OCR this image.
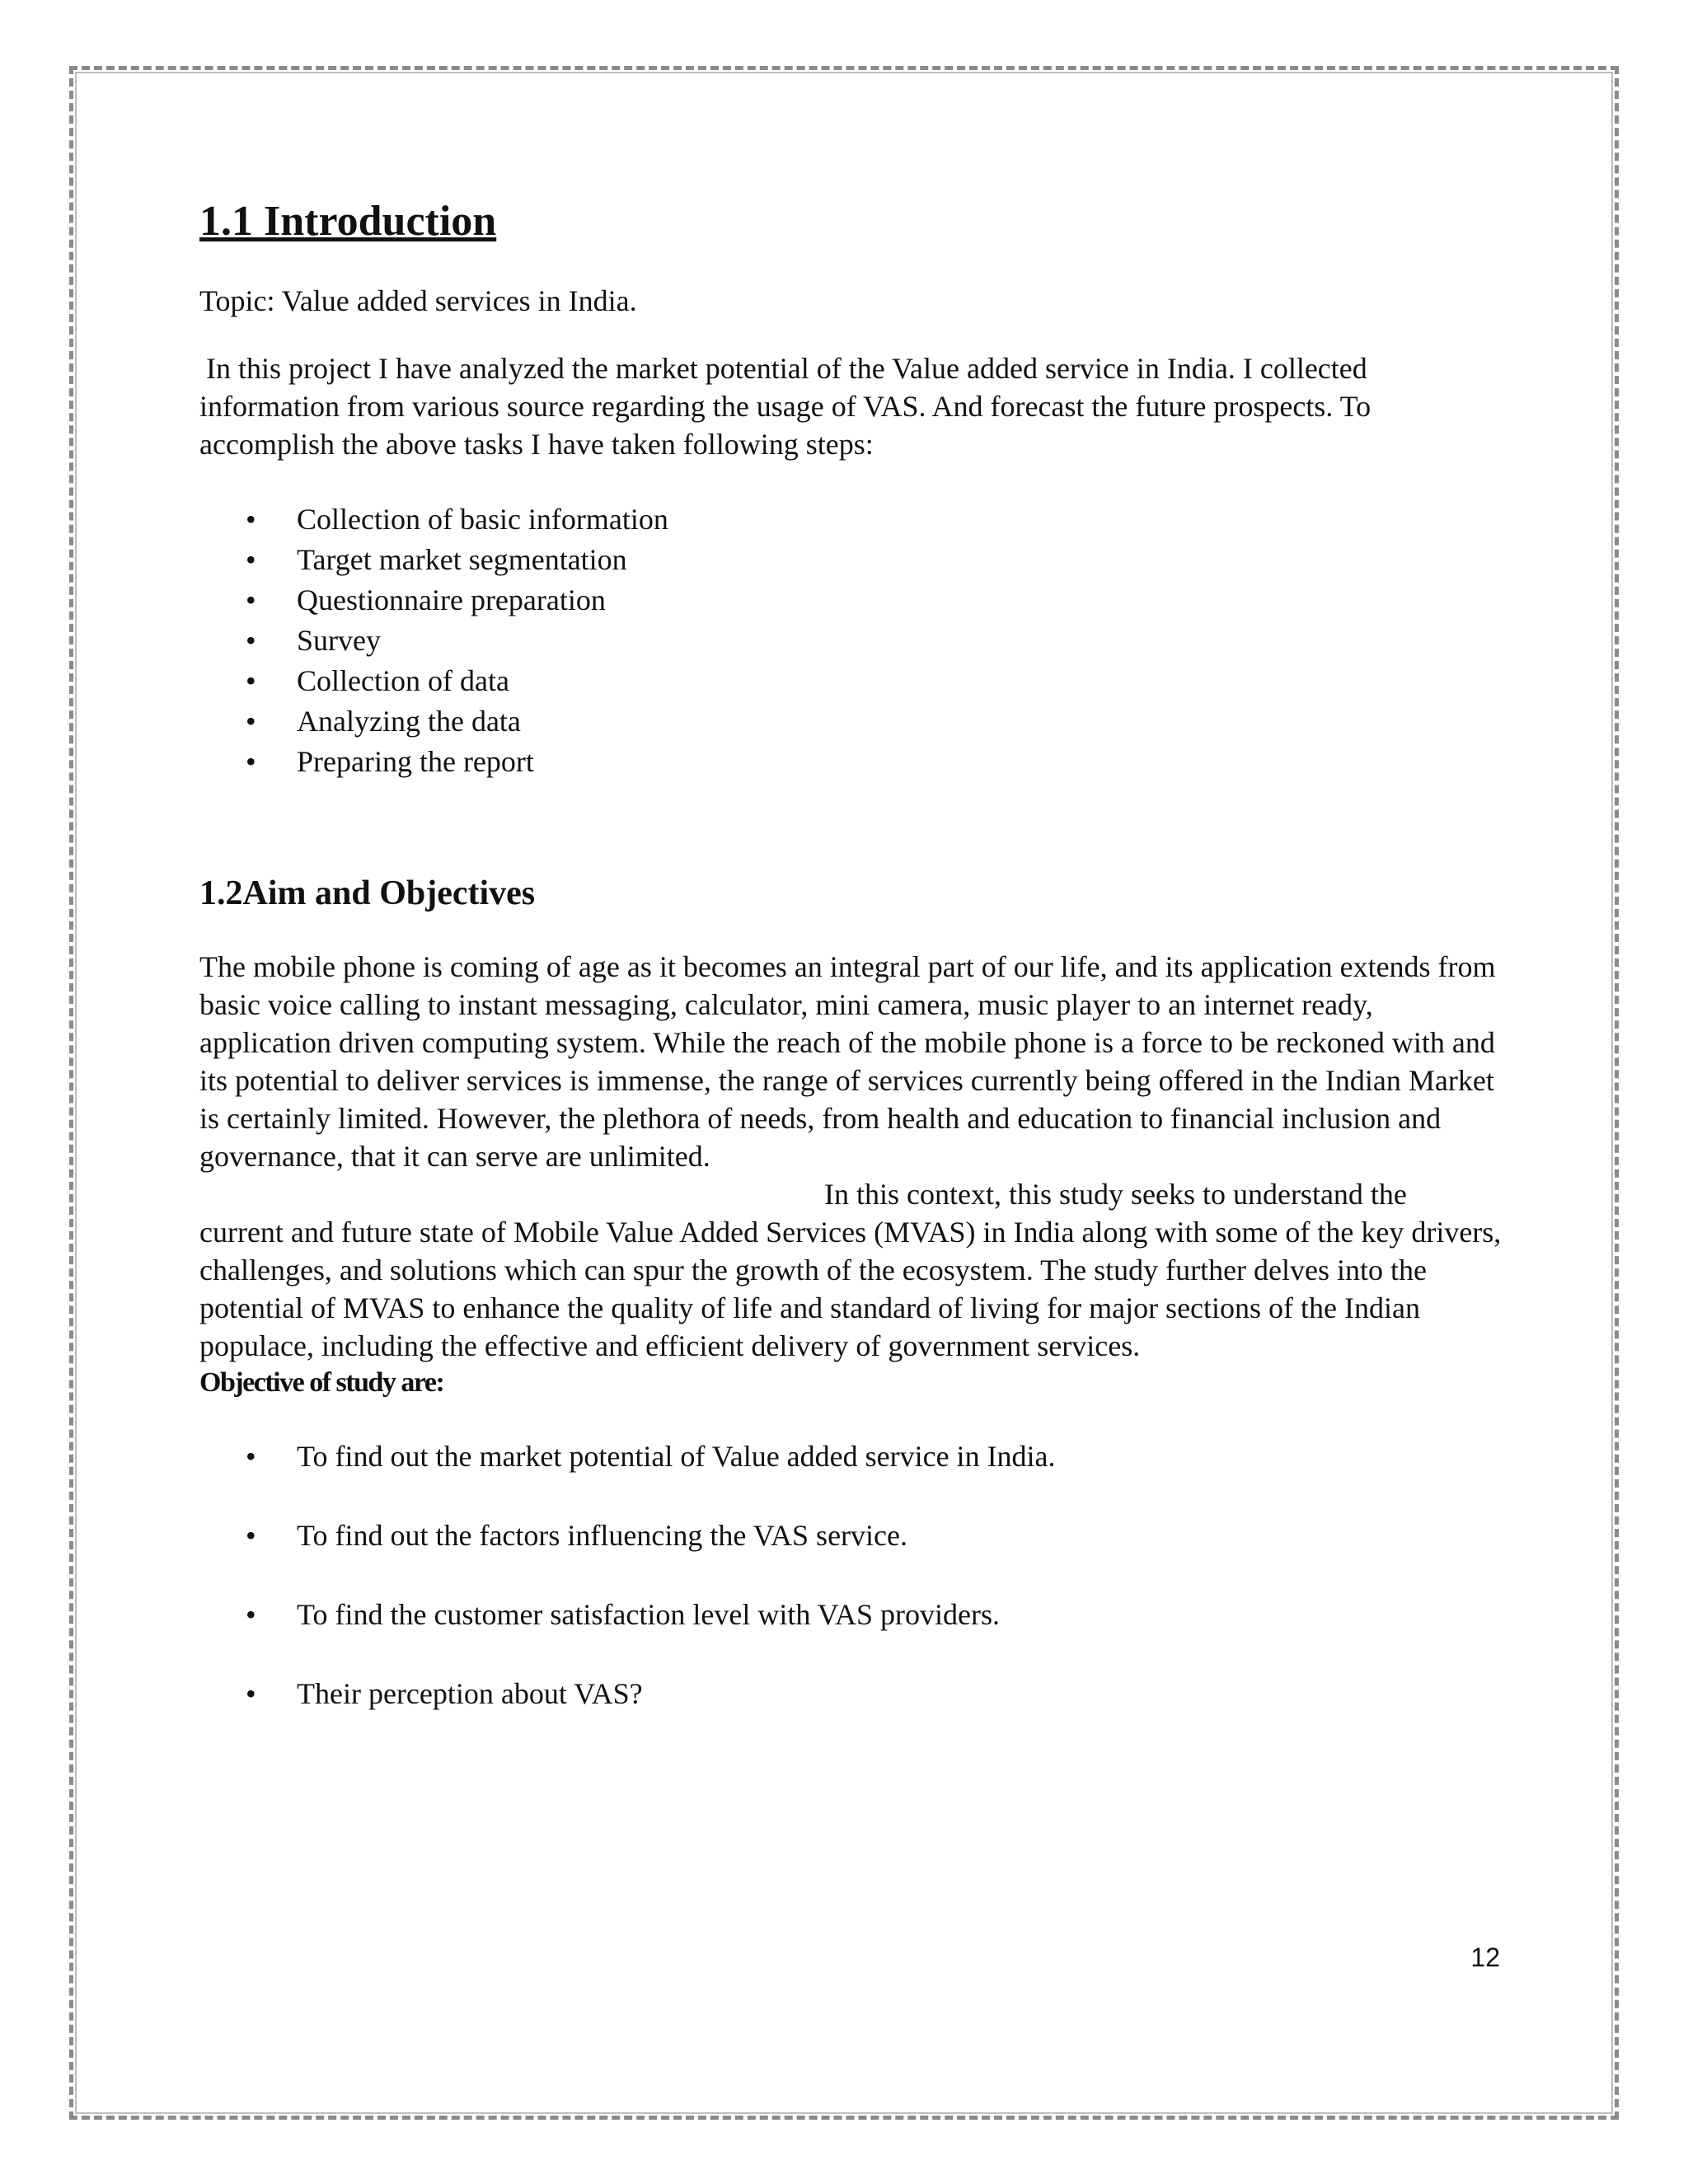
1.1 Introduction

Topic: Value added services in India.

In this project I have analyzed the market potential of the Value added service in India. I collected information from various source regarding the usage of VAS. And forecast the future prospects. To accomplish the above tasks I have taken following steps:

• Collection of basic information
• Target market segmentation
• Questionnaire preparation
• Survey
• Collection of data
• Analyzing the data
• Preparing the report
1.2Aim and Objectives

The mobile phone is coming of age as it becomes an integral part of our life, and its application extends from basic voice calling to instant messaging, calculator, mini camera, music player to an internet ready, application driven computing system. While the reach of the mobile phone is a force to be reckoned with and its potential to deliver services is immense, the range of services currently being offered in the Indian Market is certainly limited. However, the plethora of needs, from health and education to financial inclusion and governance, that it can serve are unlimited.

In this context, this study seeks to understand the

current and future state of Mobile Value Added Services (MVAS) in India along with some of the key drivers, challenges, and solutions which can spur the growth of the ecosystem. The study further delves into the potential of MVAS to enhance the quality of life and standard of living for major sections of the Indian populace, including the effective and efficient delivery of government services.

Objective of study are:

• To find out the market potential of Value added service in India.
• To find out the factors influencing the VAS service.
• To find the customer satisfaction level with VAS providers.
• Their perception about VAS?
12
